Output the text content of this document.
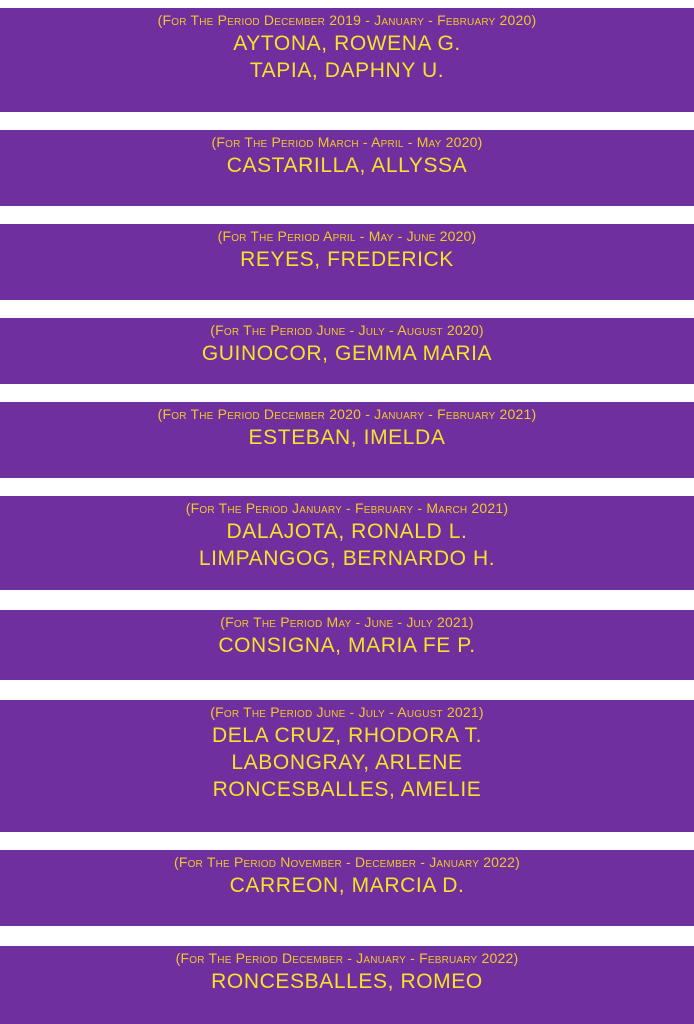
(For The Period December 2019 - January - February 2020)
AYTONA, ROWENA G.
TAPIA, DAPHNY U.
(For The Period March - April - May 2020)
CASTARILLA, ALLYSSA
(For The Period April - May - June 2020)
REYES, FREDERICK
(For The Period June - July - August 2020)
GUINOCOR, GEMMA MARIA
(For The Period December 2020 - January - February 2021)
ESTEBAN, IMELDA
(For The Period January - February - March 2021)
DALAJOTA, RONALD L.
LIMPANGOG, BERNARDO H.
(For The Period May - June - July 2021)
CONSIGNA, MARIA FE P.
(For The Period June - July - August 2021)
DELA CRUZ, RHODORA T.
LABONGRAY, ARLENE
RONCESBALLES, AMELIE
(For The Period November - December - January 2022)
CARREON, MARCIA D.
(For The Period December - January - February 2022)
RONCESBALLES, ROMEO
